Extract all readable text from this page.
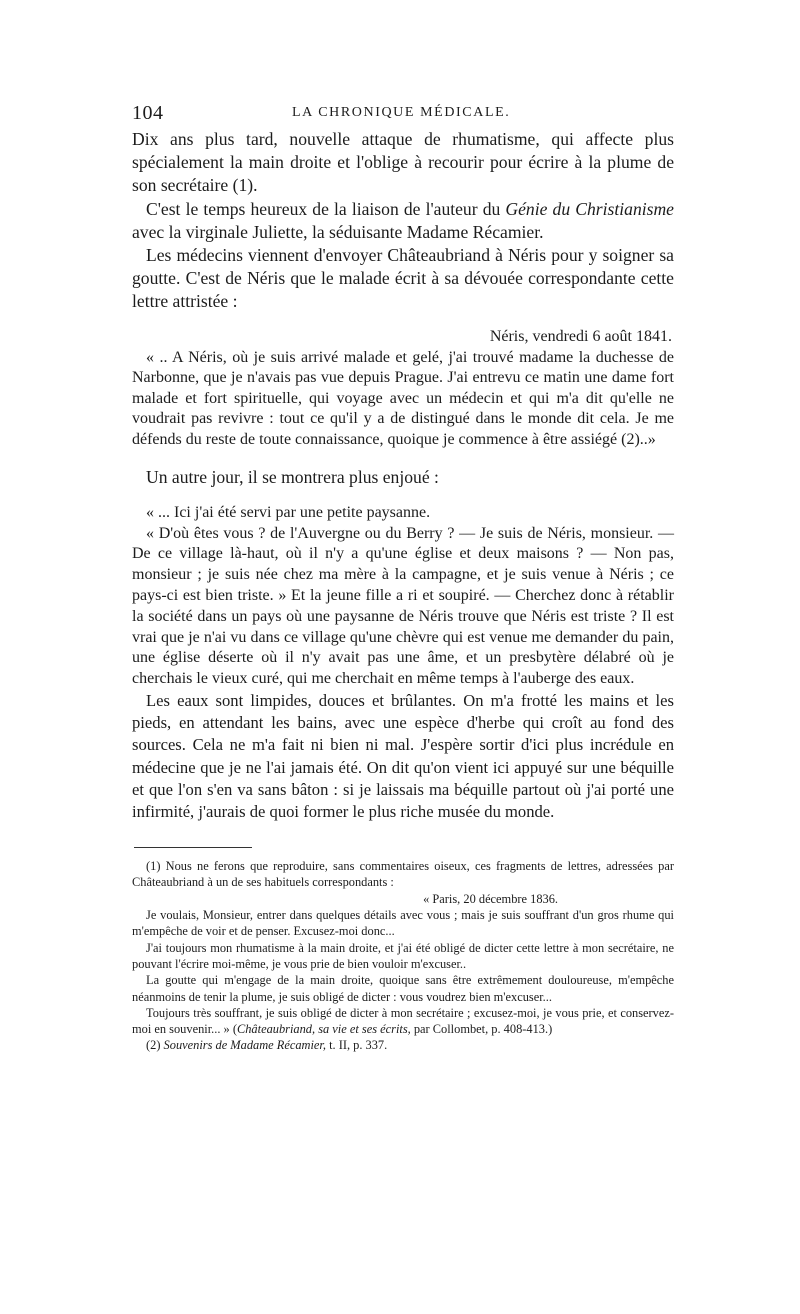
104	LA CHRONIQUE MÉDICALE.

Dix ans plus tard, nouvelle attaque de rhumatisme, qui affecte plus spécialement la main droite et l'oblige à recourir pour écrire à la plume de son secrétaire (1).

C'est le temps heureux de la liaison de l'auteur du Génie du Christianisme avec la virginale Juliette, la séduisante Madame Récamier.

Les médecins viennent d'envoyer Châteaubriand à Néris pour y soigner sa goutte. C'est de Néris que le malade écrit à sa dévouée correspondante cette lettre attristée :

Néris, vendredi 6 août 1841.

« .. A Néris, où je suis arrivé malade et gelé, j'ai trouvé madame la duchesse de Narbonne, que je n'avais pas vue depuis Prague. J'ai entrevu ce matin une dame fort malade et fort spirituelle, qui voyage avec un médecin et qui m'a dit qu'elle ne voudrait pas revivre : tout ce qu'il y a de distingué dans le monde dit cela. Je me défends du reste de toute connaissance, quoique je commence à être assiégé (2)..»

Un autre jour, il se montrera plus enjoué :

« ... Ici j'ai été servi par une petite paysanne.

« D'où êtes vous ? de l'Auvergne ou du Berry ? — Je suis de Néris, monsieur. — De ce village là-haut, où il n'y a qu'une église et deux maisons ? — Non pas, monsieur ; je suis née chez ma mère à la campagne, et je suis venue à Néris ; ce pays-ci est bien triste. » Et la jeune fille a ri et soupiré. — Cherchez donc à rétablir la société dans un pays où une paysanne de Néris trouve que Néris est triste ? Il est vrai que je n'ai vu dans ce village qu'une chèvre qui est venue me demander du pain, une église déserte où il n'y avait pas une âme, et un presbytère délabré où je cherchais le vieux curé, qui me cherchait en même temps à l'auberge des eaux.

Les eaux sont limpides, douces et brûlantes. On m'a frotté les mains et les pieds, en attendant les bains, avec une espèce d'herbe qui croît au fond des sources. Cela ne m'a fait ni bien ni mal. J'espère sortir d'ici plus incrédule en médecine que je ne l'ai jamais été. On dit qu'on vient ici appuyé sur une béquille et que l'on s'en va sans bâton : si je laissais ma béquille partout où j'ai porté une infirmité, j'aurais de quoi former le plus riche musée du monde.

(1) Nous ne ferons que reproduire, sans commentaires oiseux, ces fragments de lettres, adressées par Châteaubriand à un de ses habituels correspondants :

« Paris, 20 décembre 1836.

Je voulais, Monsieur, entrer dans quelques détails avec vous ; mais je suis souffrant d'un gros rhume qui m'empêche de voir et de penser. Excusez-moi donc...

J'ai toujours mon rhumatisme à la main droite, et j'ai été obligé de dicter cette lettre à mon secrétaire, ne pouvant l'écrire moi-même, je vous prie de bien vouloir m'excuser..

La goutte qui m'engage de la main droite, quoique sans être extrêmement douloureuse, m'empêche néanmoins de tenir la plume, je suis obligé de dicter : vous voudrez bien m'excuser...

Toujours très souffrant, je suis obligé de dicter à mon secrétaire ; excusez-moi, je vous prie, et conservez-moi en souvenir... » (Châteaubriand, sa vie et ses écrits, par Collombet, p. 408-413.)

(2) Souvenirs de Madame Récamier, t. II, p. 337.
